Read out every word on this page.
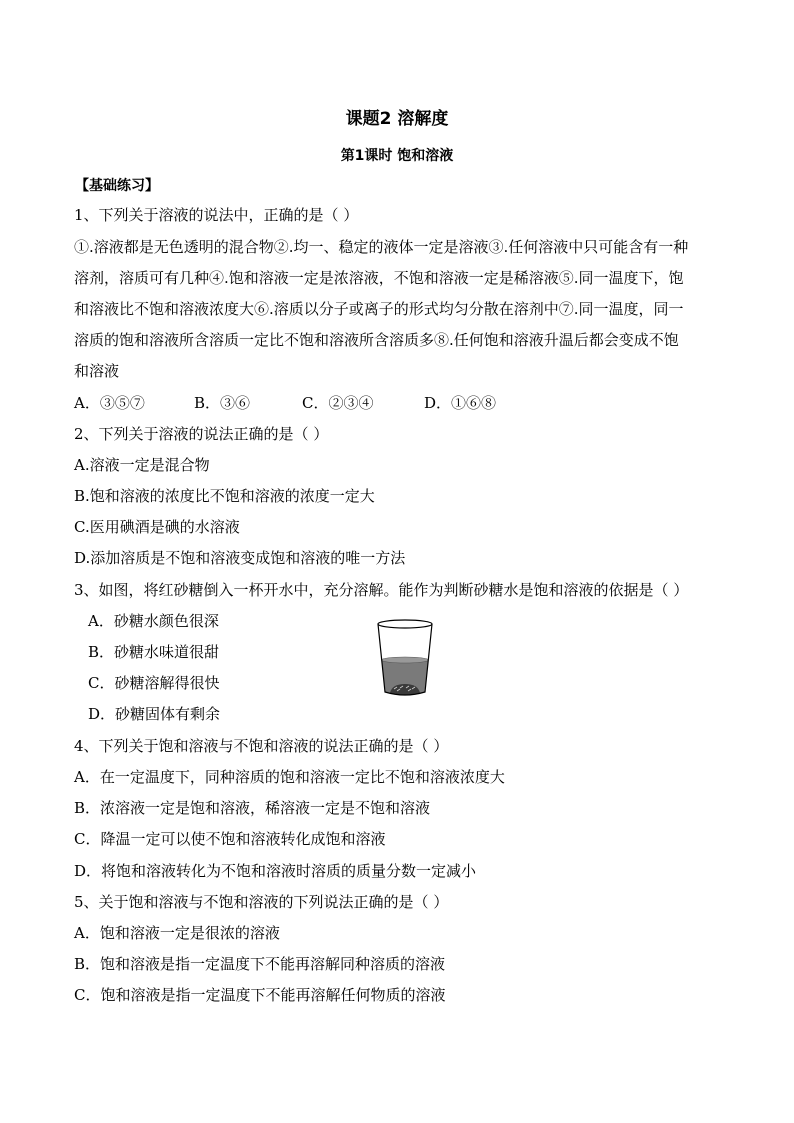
课题2 溶解度
第1课时 饱和溶液
【基础练习】
1、下列关于溶液的说法中，正确的是（ ）
①.溶液都是无色透明的混合物②.均一、稳定的液体一定是溶液③.任何溶液中只可能含有一种
溶剂，溶质可有几种④.饱和溶液一定是浓溶液，不饱和溶液一定是稀溶液⑤.同一温度下，饱
和溶液比不饱和溶液浓度大⑥.溶质以分子或离子的形式均匀分散在溶剂中⑦.同一温度，同一
溶质的饱和溶液所含溶质一定比不饱和溶液所含溶质多⑧.任何饱和溶液升温后都会变成不饱
和溶液
A．③⑤⑦	B．③⑥	C．②③④	D．①⑥⑧
2、下列关于溶液的说法正确的是（ ）
A.溶液一定是混合物
B.饱和溶液的浓度比不饱和溶液的浓度一定大
C.医用碘酒是碘的水溶液
D.添加溶质是不饱和溶液变成饱和溶液的唯一方法
3、如图，将红砂糖倒入一杯开水中，充分溶解。能作为判断砂糖水是饱和溶液的依据是（ ）
A．砂糖水颜色很深
B．砂糖水味道很甜
C．砂糖溶解得很快
D．砂糖固体有剩余
4、下列关于饱和溶液与不饱和溶液的说法正确的是（ ）
A．在一定温度下，同种溶质的饱和溶液一定比不饱和溶液浓度大
B．浓溶液一定是饱和溶液，稀溶液一定是不饱和溶液
C．降温一定可以使不饱和溶液转化成饱和溶液
D．将饱和溶液转化为不饱和溶液时溶质的质量分数一定减小
5、关于饱和溶液与不饱和溶液的下列说法正确的是（ ）
A．饱和溶液一定是很浓的溶液
B．饱和溶液是指一定温度下不能再溶解同种溶质的溶液
C．饱和溶液是指一定温度下不能再溶解任何物质的溶液
